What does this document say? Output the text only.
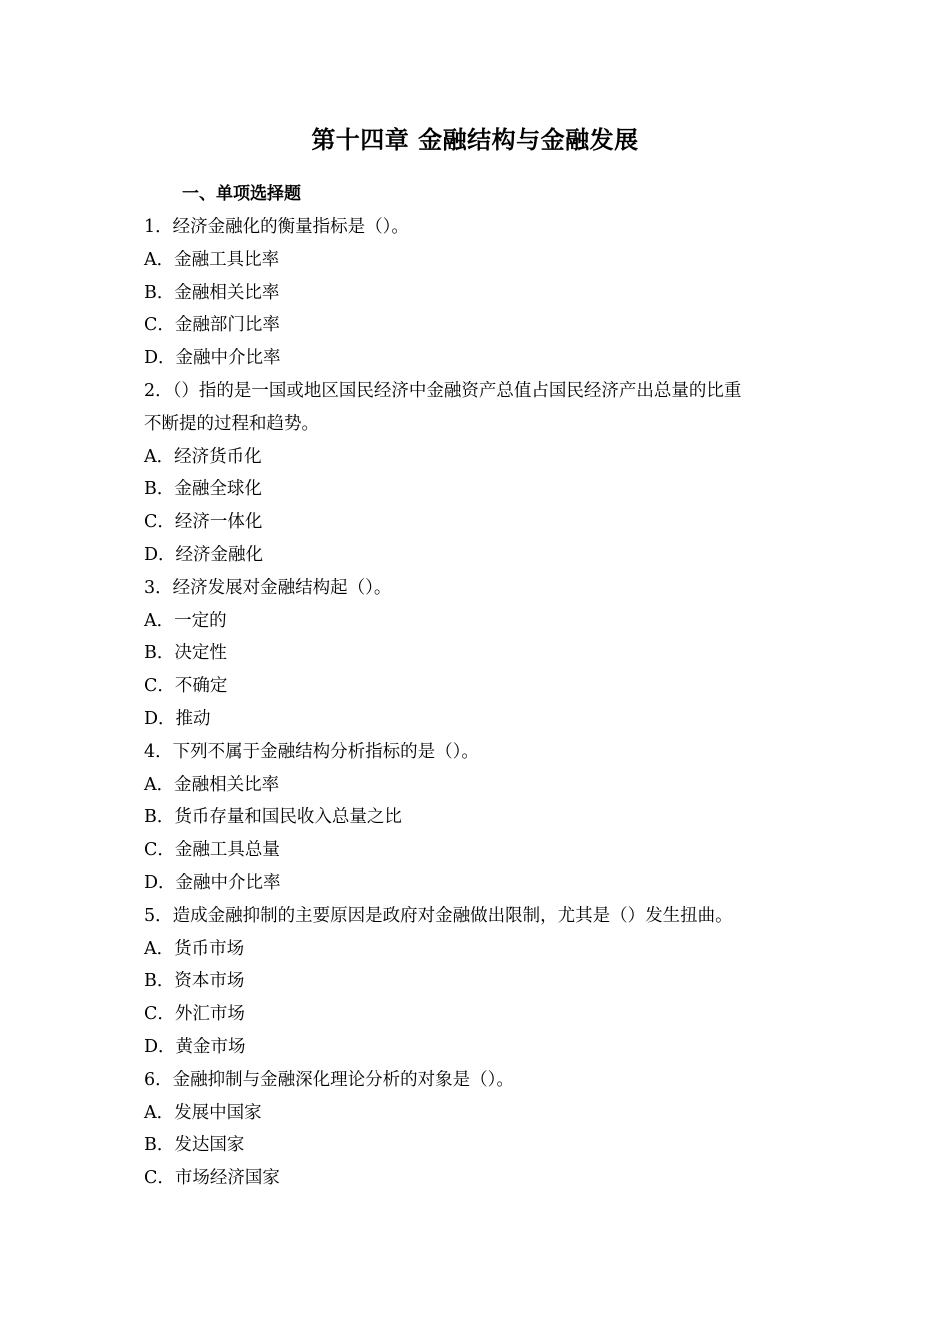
第十四章 金融结构与金融发展
一、单项选择题
1．经济金融化的衡量指标是（）。
A．金融工具比率
B．金融相关比率
C．金融部门比率
D．金融中介比率
2．（）指的是一国或地区国民经济中金融资产总值占国民经济产出总量的比重
不断提的过程和趋势。
A．经济货币化
B．金融全球化
C．经济一体化
D．经济金融化
3．经济发展对金融结构起（）。
A．一定的
B．决定性
C．不确定
D．推动
4．下列不属于金融结构分析指标的是（）。
A．金融相关比率
B．货币存量和国民收入总量之比
C．金融工具总量
D．金融中介比率
5．造成金融抑制的主要原因是政府对金融做出限制，尤其是（）发生扭曲。
A．货币市场
B．资本市场
C．外汇市场
D．黄金市场
6．金融抑制与金融深化理论分析的对象是（）。
A．发展中国家
B．发达国家
C．市场经济国家
